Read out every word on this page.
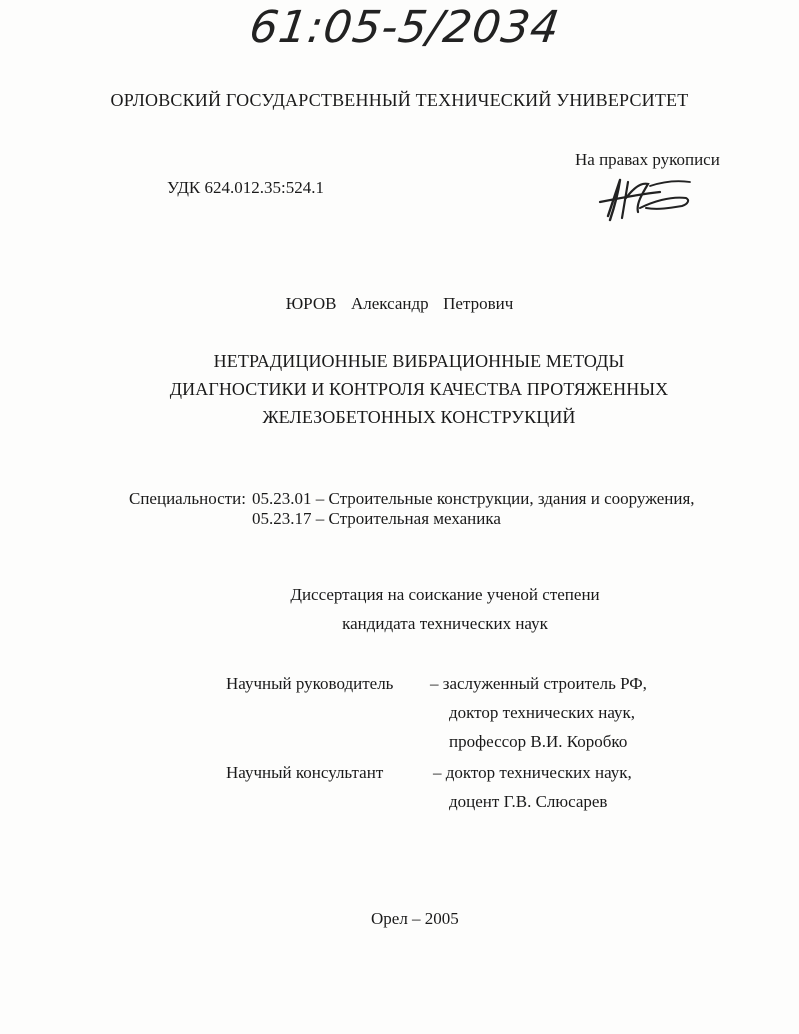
61:05-5/2034
ОРЛОВСКИЙ ГОСУДАРСТВЕННЫЙ ТЕХНИЧЕСКИЙ УНИВЕРСИТЕТ
На правах рукописи
УДК 624.012.35:524.1
ЮРОВ  Александр  Петрович
НЕТРАДИЦИОННЫЕ ВИБРАЦИОННЫЕ МЕТОДЫ
ДИАГНОСТИКИ И КОНТРОЛЯ КАЧЕСТВА ПРОТЯЖЕННЫХ
ЖЕЛЕЗОБЕТОННЫХ КОНСТРУКЦИЙ
Специальности: 05.23.01 – Строительные конструкции, здания и сооружения,
05.23.17 – Строительная механика
Диссертация на соискание ученой степени
кандидата технических наук
Научный руководитель – заслуженный строитель РФ,
доктор технических наук,
профессор В.И. Коробко
Научный консультант	– доктор технических наук,
доцент Г.В. Слюсарев
Орел – 2005
